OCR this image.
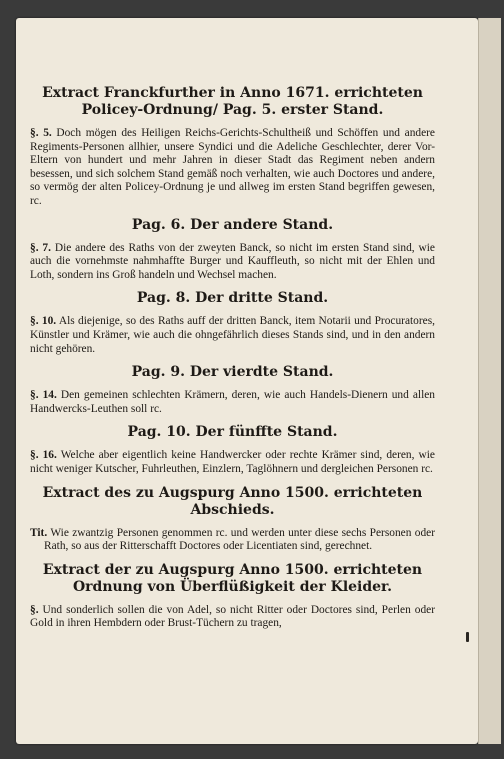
Extract Franckfurther in Anno 1671. errichteten Policey-Ordnung/ Pag. 5. erster Stand.

§. 5. Doch mögen des Heiligen Reichs-Gerichts-Schultheiß und Schöffen und andere Regiments-Personen allhier, unsere Syndici und die Adeliche Geschlechter, derer Vor-Eltern von hundert und mehr Jahren in dieser Stadt das Regiment neben andern besessen, und sich solchem Stand gemäß noch verhalten, wie auch Doctores und andere, so vermög der alten Policey-Ordnung je und allweg im ersten Stand begriffen gewesen, rc.

Pag. 6. Der andere Stand.

§. 7. Die andere des Raths von der zweyten Banck, so nicht im ersten Stand sind, wie auch die vornehmste nahmhaffte Burger und Kauffleuth, so nicht mit der Ehlen und Loth, sondern ins Groß handeln und Wechsel machen.

Pag. 8. Der dritte Stand.

§. 10. Als diejenige, so des Raths auff der dritten Banck, item Notarii und Procuratores, Künstler und Krämer, wie auch die ohngefährlich dieses Stands sind, und in den andern nicht gehören.

Pag. 9. Der vierdte Stand.

§. 14. Den gemeinen schlechten Krämern, deren, wie auch Handels-Dienern und allen Handwercks-Leuthen soll rc.

Pag. 10. Der fünffte Stand.

§. 16. Welche aber eigentlich keine Handwercker oder rechte Krämer sind, deren, wie nicht weniger Kutscher, Fuhrleuthen, Einzlern, Taglöhnern und dergleichen Personen rc.

Extract des zu Augspurg Anno 1500. errichteten Abschieds.

Tit. Wie zwantzig Personen genommen rc. und werden unter diese sechs Personen oder Rath, so aus der Ritterschafft Doctores oder Licentiaten sind, gerechnet.

Extract der zu Augspurg Anno 1500. errichteten Ordnung von Überflüßigkeit der Kleider.

§. Und sonderlich sollen die von Adel, so nicht Ritter oder Doctores sind, Perlen oder Gold in ihren Hembdern oder Brust-Tüchern zu tragen,
